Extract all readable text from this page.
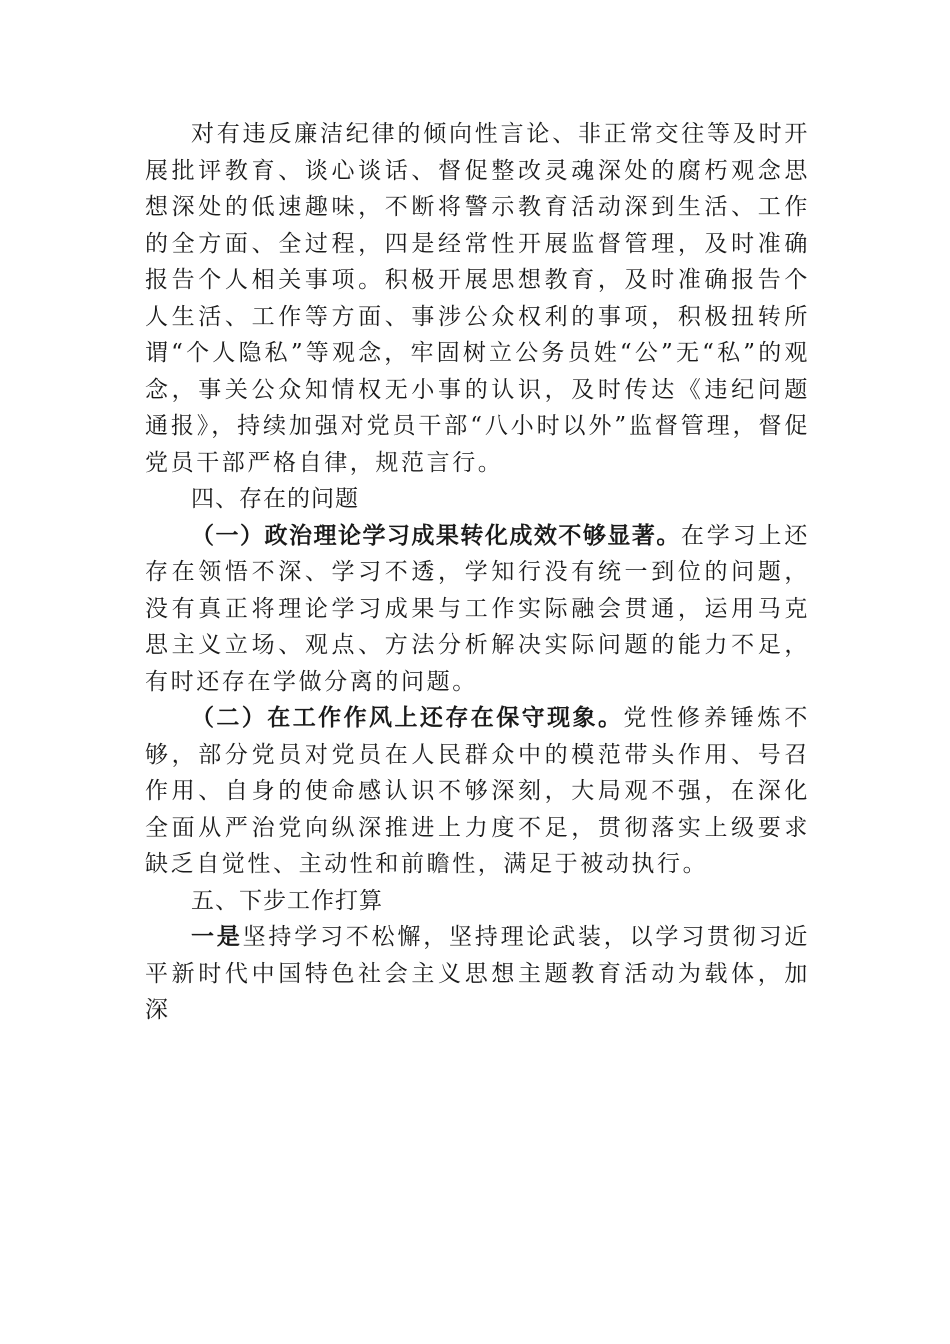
对有违反廉洁纪律的倾向性言论、非正常交往等及时开展批评教育、谈心谈话、督促整改灵魂深处的腐朽观念思想深处的低速趣味，不断将警示教育活动深到生活、工作的全方面、全过程，四是经常性开展监督管理，及时准确报告个人相关事项。积极开展思想教育，及时准确报告个人生活、工作等方面、事涉公众权利的事项，积极扭转所谓“个人隐私”等观念，牢固树立公务员姓“公”无“私”的观念，事关公众知情权无小事的认识，及时传达《违纪问题通报》，持续加强对党员干部“八小时以外”监督管理，督促党员干部严格自律，规范言行。

四、存在的问题

（一）政治理论学习成果转化成效不够显著。在学习上还存在领悟不深、学习不透，学知行没有统一到位的问题，没有真正将理论学习成果与工作实际融会贯通，运用马克思主义立场、观点、方法分析解决实际问题的能力不足，有时还存在学做分离的问题。

（二）在工作作风上还存在保守现象。党性修养锤炼不够，部分党员对党员在人民群众中的模范带头作用、号召作用、自身的使命感认识不够深刻，大局观不强，在深化全面从严治党向纵深推进上力度不足，贯彻落实上级要求缺乏自觉性、主动性和前瞻性，满足于被动执行。

五、下步工作打算

一是坚持学习不松懈，坚持理论武装，以学习贯彻习近平新时代中国特色社会主义思想主题教育活动为载体，加深
